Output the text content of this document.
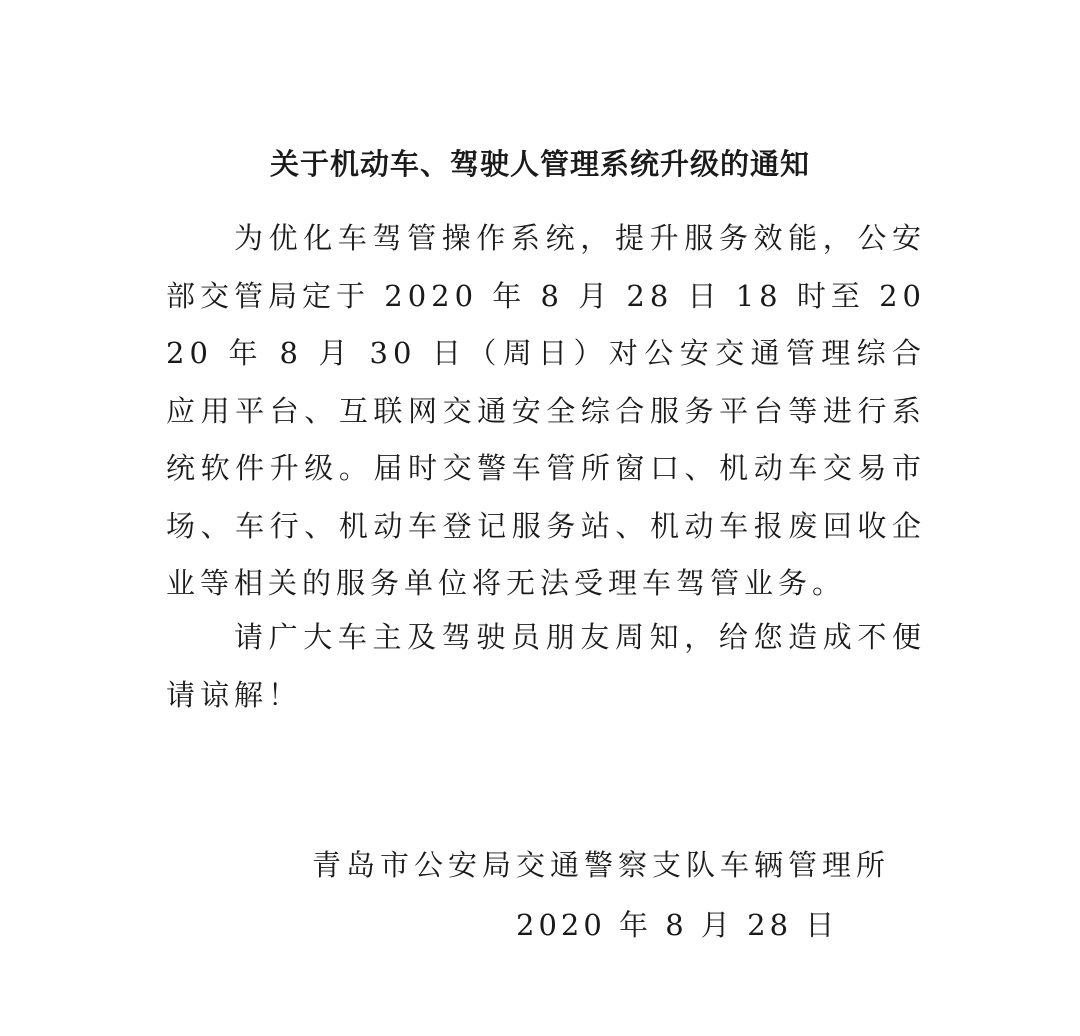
关于机动车、驾驶人管理系统升级的通知
为优化车驾管操作系统，提升服务效能，公安部交管局定于 2020 年 8 月 28 日 18 时至 2020 年 8 月 30 日（周日）对公安交通管理综合应用平台、互联网交通安全综合服务平台等进行系统软件升级。届时交警车管所窗口、机动车交易市场、车行、机动车登记服务站、机动车报废回收企业等相关的服务单位将无法受理车驾管业务。
请广大车主及驾驶员朋友周知，给您造成不便请谅解！
青岛市公安局交通警察支队车辆管理所
2020 年 8 月 28 日
